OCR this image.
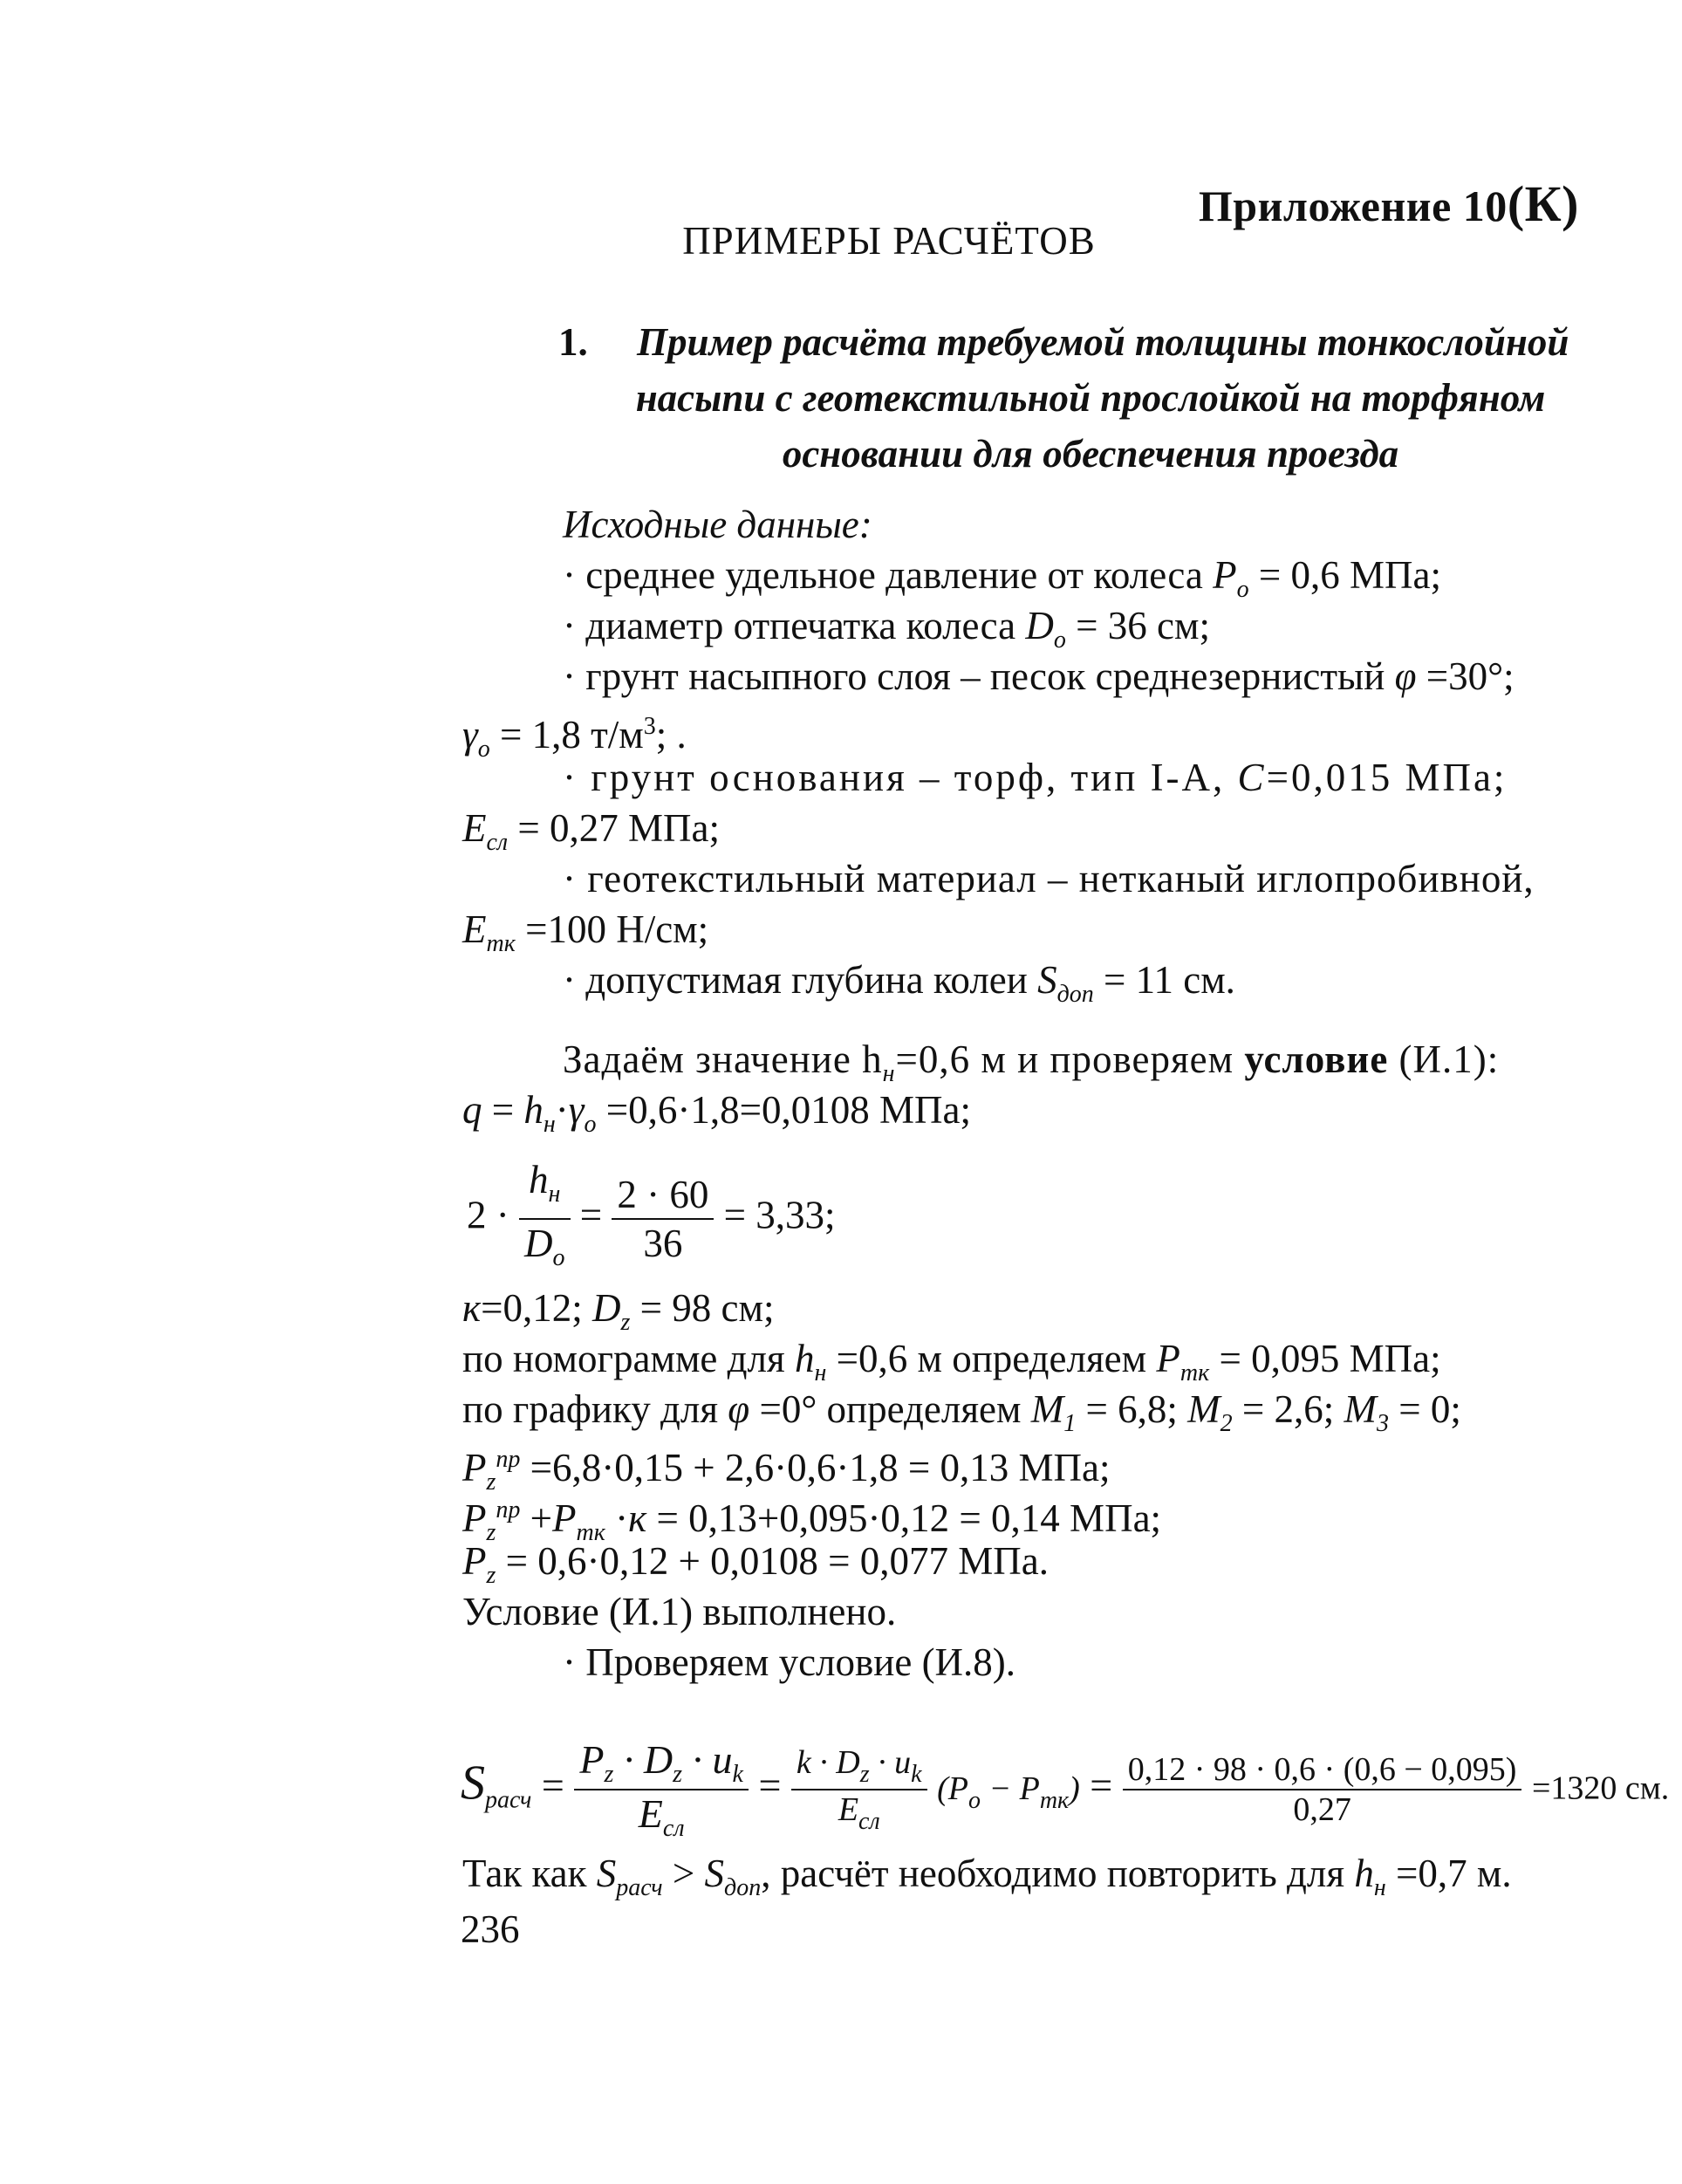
Приложение 10(К)
ПРИМЕРЫ РАСЧЁТОВ
1.	Пример расчёта требуемой толщины тонкослойной
насыпи с геотекстильной прослойкой на торфяном
основании для обеспечения проезда
Исходные данные:
· среднее удельное давление от колеса $P_o = 0,6$ МПа;
· диаметр отпечатка колеса $D_o = 36$ см;
· грунт насыпного слоя – песок среднезернистый φ =30°;
$\gamma_o = 1,8$ $т/м^3$; .
· грунт основания – торф, тип I-А, C=0,015 МПа;
$E_{сл} = 0,27$ МПа;
· геотекстильный материал – нетканый иглопробивной,
$E_{тк} =100$ Н/см;
· допустимая глубина колеи $S_{доп} = 11$ см.
Задаём значение $h_н=0,6$ м и проверяем условие (И.1):
$q = h_н\cdot\gamma_o =0,6\cdot 1,8=0,0108$ МПа;
$2 \cdot \frac{h_н}{D_o} = \frac{2 \cdot 60}{36} = 3,33$;
к=0,12; $D_z = 98$ см;
по номограмме для $h_н =0,6$ м определяем $P_{тк} = 0,095$ МПа;
по графику для φ =0° определяем $M_1 = 6,8$; $M_2 = 2,6$; $M_3 = 0$;
$P_z^{пр} =6,8\cdot 0,15 + 2,6\cdot 0,6\cdot 1,8 = 0,13$ МПа;
$P_z^{пр} +P_{тк} \cdot к = 0,13+0,095\cdot 0,12 = 0,14$ МПа;
$P_z = 0,6\cdot 0,12 + 0,0108 = 0,077$ МПа.
Условие (И.1) выполнено.
· Проверяем условие (И.8).
$S_{расч} = \frac{P_z \cdot D_z \cdot u_k}{E_{сл}} = \frac{k \cdot D_z \cdot u_k}{E_{сл}} (P_o - P_{тк}) = \frac{0,12 \cdot 98 \cdot 0,6 \cdot (0,6 - 0,095)}{0,27} =1320$ см.
Так как $S_{расч} > S_{доп}$, расчёт необходимо повторить для $h_н =0,7$ м.
236
